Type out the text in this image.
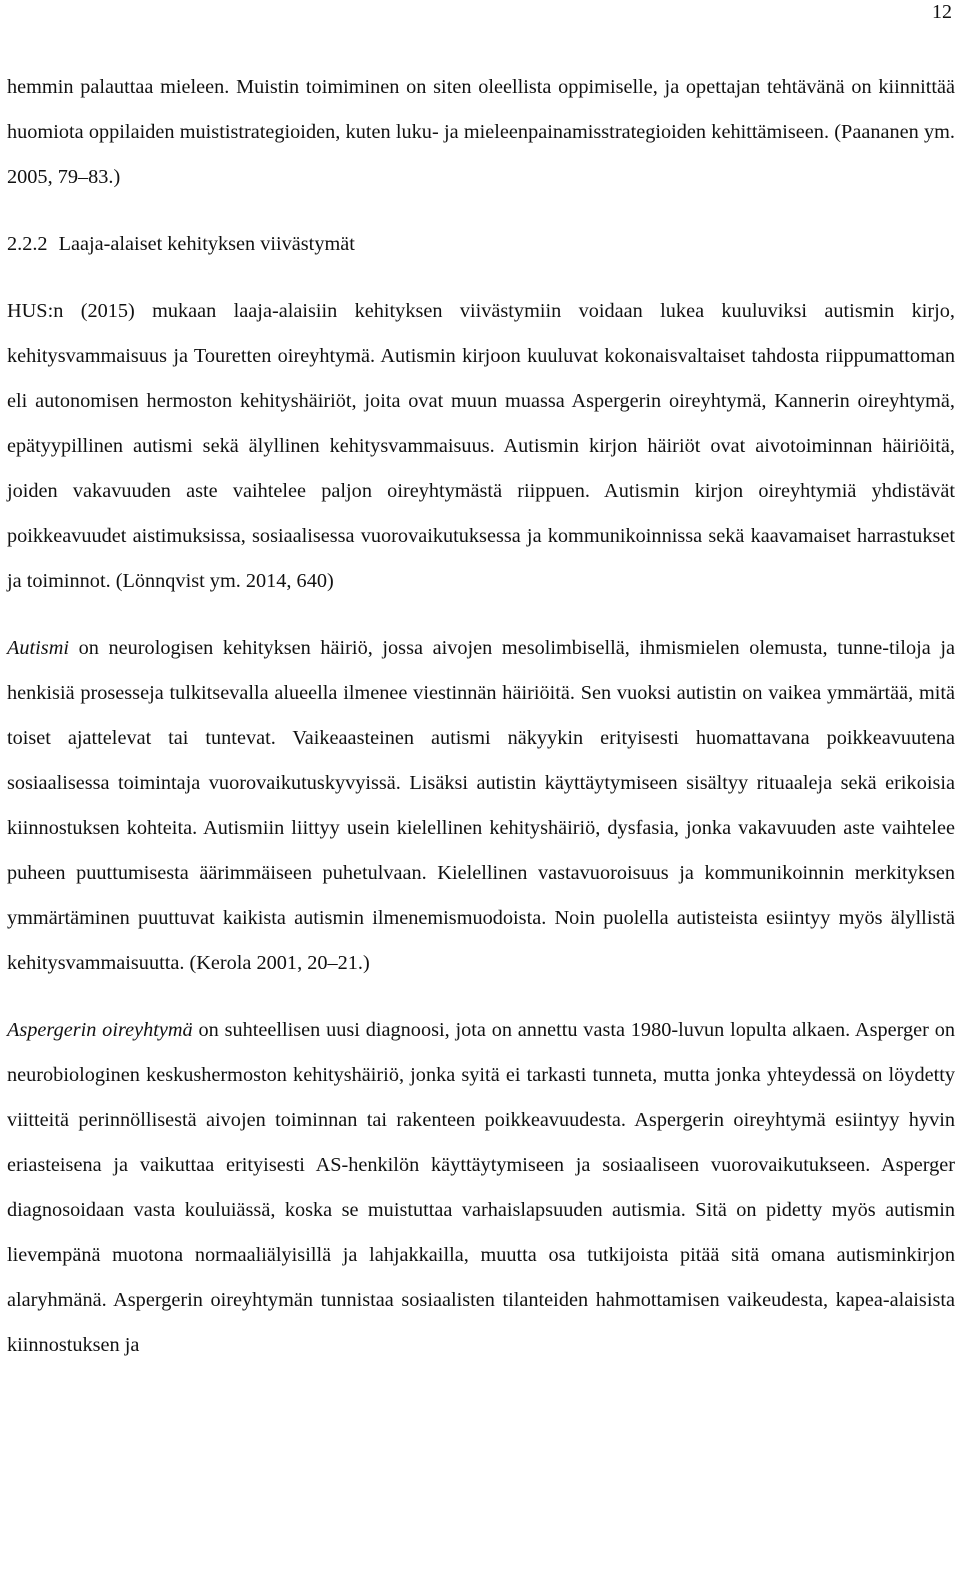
12

hemmin palauttaa mieleen. Muistin toimiminen on siten oleellista oppimiselle, ja opettajan tehtävänä on kiinnittää huomiota oppilaiden muististrategioiden, kuten luku- ja mieleenpainamisstrategioiden kehittämiseen. (Paananen ym. 2005, 79–83.)

2.2.2 Laaja-alaiset kehityksen viivästymät

HUS:n (2015) mukaan laaja-alaisiin kehityksen viivästymiin voidaan lukea kuuluviksi autismin kirjo, kehitysvammaisuus ja Touretten oireyhtymä. Autismin kirjoon kuuluvat kokonaisvaltaiset tahdosta riippumattoman eli autonomisen hermoston kehityshäiriöt, joita ovat muun muassa Aspergerin oireyhtymä, Kannerin oireyhtymä, epätyypillinen autismi sekä älyllinen kehitysvammaisuus. Autismin kirjon häiriöt ovat aivotoiminnan häiriöitä, joiden vakavuuden aste vaihtelee paljon oireyhtymästä riippuen. Autismin kirjon oireyhtymiä yhdistävät poikkeavuudet aistimuksissa, sosiaalisessa vuorovaikutuksessa ja kommunikoinnissa sekä kaavamaiset harrastukset ja toiminnot. (Lönnqvist ym. 2014, 640)

Autismi on neurologisen kehityksen häiriö, jossa aivojen mesolimbisellä, ihmismielen olemusta, tunne-tiloja ja henkisiä prosesseja tulkitsevalla alueella ilmenee viestinnän häiriöitä. Sen vuoksi autistin on vaikea ymmärtää, mitä toiset ajattelevat tai tuntevat. Vaikeaasteinen autismi näkyykin erityisesti huomattavana poikkeavuutena sosiaalisessa toimintaja vuorovaikutuskyvyissä. Lisäksi autistin käyttäytymiseen sisältyy rituaaleja sekä erikoisia kiinnostuksen kohteita. Autismiin liittyy usein kielellinen kehityshäiriö, dysfasia, jonka vakavuuden aste vaihtelee puheen puuttumisesta äärimmäiseen puhetulvaan. Kielellinen vastavuoroisuus ja kommunikoinnin merkityksen ymmärtäminen puuttuvat kaikista autismin ilmenemismuodoista. Noin puolella autisteista esiintyy myös älyllistä kehitysvammaisuutta. (Kerola 2001, 20–21.)

Aspergerin oireyhtymä on suhteellisen uusi diagnoosi, jota on annettu vasta 1980-luvun lopulta alkaen. Asperger on neurobiologinen keskushermoston kehityshäiriö, jonka syitä ei tarkasti tunneta, mutta jonka yhteydessä on löydetty viitteitä perinnöllisestä aivojen toiminnan tai rakenteen poikkeavuudesta. Aspergerin oireyhtymä esiintyy hyvin eriasteisena ja vaikuttaa erityisesti AS-henkilön käyttäytymiseen ja sosiaaliseen vuorovaikutukseen. Asperger diagnosoidaan vasta kouluiässä, koska se muistuttaa varhaislapsuuden autismia. Sitä on pidetty myös autismin lievempänä muotona normaaliälyisillä ja lahjakkailla, muutta osa tutkijoista pitää sitä omana autisminkirjon alaryhmänä. Aspergerin oireyhtymän tunnistaa sosiaalisten tilanteiden hahmottamisen vaikeudesta, kapea-alaisista kiinnostuksen ja
